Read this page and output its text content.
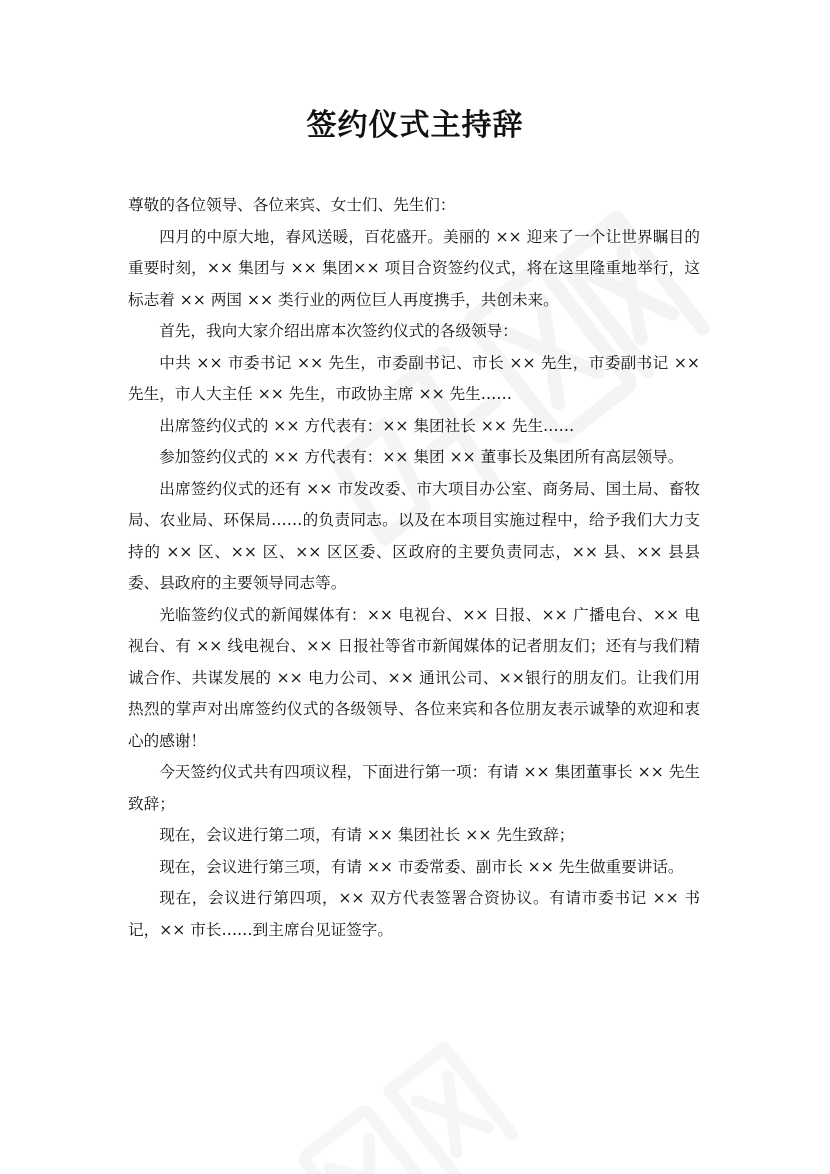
签约仪式主持辞

尊敬的各位领导、各位来宾、女士们、先生们：

四月的中原大地，春风送暖，百花盛开。美丽的 ×× 迎来了一个让世界瞩目的重要时刻，×× 集团与 ×× 集团×× 项目合资签约仪式，将在这里隆重地举行，这标志着 ×× 两国 ×× 类行业的两位巨人再度携手，共创未来。

首先，我向大家介绍出席本次签约仪式的各级领导：

中共 ×× 市委书记 ×× 先生，市委副书记、市长 ×× 先生，市委副书记 ×× 先生，市人大主任 ×× 先生，市政协主席 ×× 先生……

出席签约仪式的 ×× 方代表有：×× 集团社长 ×× 先生……

参加签约仪式的 ×× 方代表有：×× 集团 ×× 董事长及集团所有高层领导。

出席签约仪式的还有 ×× 市发改委、市大项目办公室、商务局、国土局、畜牧局、农业局、环保局……的负责同志。以及在本项目实施过程中，给予我们大力支持的 ×× 区、×× 区、×× 区区委、区政府的主要负责同志，×× 县、×× 县县委、县政府的主要领导同志等。

光临签约仪式的新闻媒体有：×× 电视台、×× 日报、×× 广播电台、×× 电视台、有 ×× 线电视台、×× 日报社等省市新闻媒体的记者朋友们；还有与我们精诚合作、共谋发展的 ×× 电力公司、×× 通讯公司、××银行的朋友们。让我们用热烈的掌声对出席签约仪式的各级领导、各位来宾和各位朋友表示诚挚的欢迎和衷心的感谢！

今天签约仪式共有四项议程，下面进行第一项：有请 ×× 集团董事长 ×× 先生致辞；

现在，会议进行第二项，有请 ×× 集团社长 ×× 先生致辞；

现在，会议进行第三项，有请 ×× 市委常委、副市长 ×× 先生做重要讲话。

现在，会议进行第四项，×× 双方代表签署合资协议。有请市委书记 ×× 书记，×× 市长……到主席台见证签字。
